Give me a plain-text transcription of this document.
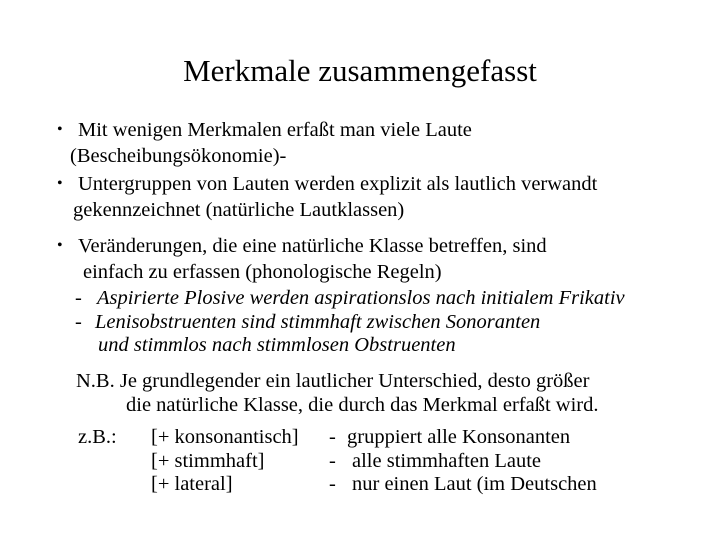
Merkmale zusammengefasst
• Mit wenigen Merkmalen erfaßt man viele Laute
(Bescheibungsökonomie)-
• Untergruppen von Lauten werden explizit als lautlich verwandt
gekennzeichnet (natürliche Lautklassen)
• Veränderungen, die eine natürliche Klasse betreffen, sind
einfach zu erfassen (phonologische Regeln)
- Aspirierte Plosive werden aspirationslos nach initialem Frikativ
- Lenisobstruenten sind stimmhaft zwischen Sonoranten
und stimmlos nach stimmlosen Obstruenten
N.B. Je grundlegender ein lautlicher Unterschied, desto größer
die natürliche Klasse, die durch das Merkmal erfaßt wird.
z.B.: [+ konsonantisch] - gruppiert alle Konsonanten
[+ stimmhaft]	- alle stimmhaften Laute
[+ lateral]	- nur einen Laut (im Deutschen
